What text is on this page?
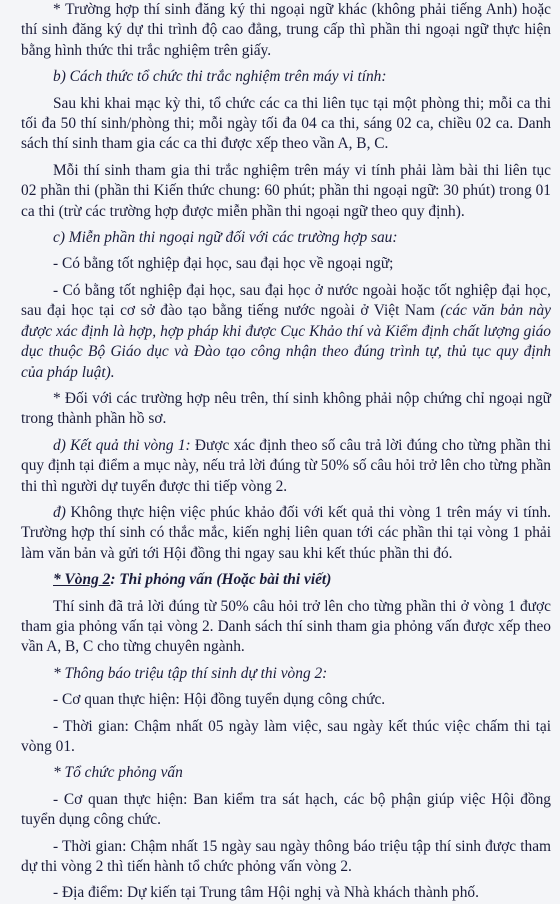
* Trường hợp thí sinh đăng ký thi ngoại ngữ khác (không phải tiếng Anh) hoặc thí sinh đăng ký dự thi trình độ cao đẳng, trung cấp thì phần thi ngoại ngữ thực hiện bằng hình thức thi trắc nghiệm trên giấy.

b) Cách thức tổ chức thi trắc nghiệm trên máy vi tính:

Sau khi khai mạc kỳ thi, tổ chức các ca thi liên tục tại một phòng thi; mỗi ca thi tối đa 50 thí sinh/phòng thi; mỗi ngày tối đa 04 ca thi, sáng 02 ca, chiều 02 ca. Danh sách thí sinh tham gia các ca thi được xếp theo vần A, B, C.

Mỗi thí sinh tham gia thi trắc nghiệm trên máy vi tính phải làm bài thi liên tục 02 phần thi (phần thi Kiến thức chung: 60 phút; phần thi ngoại ngữ: 30 phút) trong 01 ca thi (trừ các trường hợp được miễn phần thi ngoại ngữ theo quy định).

c) Miễn phần thi ngoại ngữ đối với các trường hợp sau:

- Có bằng tốt nghiệp đại học, sau đại học về ngoại ngữ;

- Có bằng tốt nghiệp đại học, sau đại học ở nước ngoài hoặc tốt nghiệp đại học, sau đại học tại cơ sở đào tạo bằng tiếng nước ngoài ở Việt Nam (các văn bản này được xác định là hợp, hợp pháp khi được Cục Khảo thí và Kiểm định chất lượng giáo dục thuộc Bộ Giáo dục và Đào tạo công nhận theo đúng trình tự, thủ tục quy định của pháp luật).

* Đối với các trường hợp nêu trên, thí sinh không phải nộp chứng chỉ ngoại ngữ trong thành phần hồ sơ.

d) Kết quả thi vòng 1: Được xác định theo số câu trả lời đúng cho từng phần thi quy định tại điểm a mục này, nếu trả lời đúng từ 50% số câu hỏi trở lên cho từng phần thi thì người dự tuyển được thi tiếp vòng 2.

đ) Không thực hiện việc phúc khảo đối với kết quả thi vòng 1 trên máy vi tính. Trường hợp thí sinh có thắc mắc, kiến nghị liên quan tới các phần thi tại vòng 1 phải làm văn bản và gửi tới Hội đồng thi ngay sau khi kết thúc phần thi đó.

* Vòng 2: Thi phỏng vấn (Hoặc bài thi viết)

Thí sinh đã trả lời đúng từ 50% câu hỏi trở lên cho từng phần thi ở vòng 1 được tham gia phỏng vấn tại vòng 2. Danh sách thí sinh tham gia phỏng vấn được xếp theo vần A, B, C cho từng chuyên ngành.

* Thông báo triệu tập thí sinh dự thi vòng 2:

- Cơ quan thực hiện: Hội đồng tuyển dụng công chức.

- Thời gian: Chậm nhất 05 ngày làm việc, sau ngày kết thúc việc chấm thi tại vòng 01.

* Tổ chức phỏng vấn

- Cơ quan thực hiện: Ban kiểm tra sát hạch, các bộ phận giúp việc Hội đồng tuyển dụng công chức.

- Thời gian: Chậm nhất 15 ngày sau ngày thông báo triệu tập thí sinh được tham dự thi vòng 2 thì tiến hành tổ chức phỏng vấn vòng 2.

- Địa điểm: Dự kiến tại Trung tâm Hội nghị và Nhà khách thành phố.
